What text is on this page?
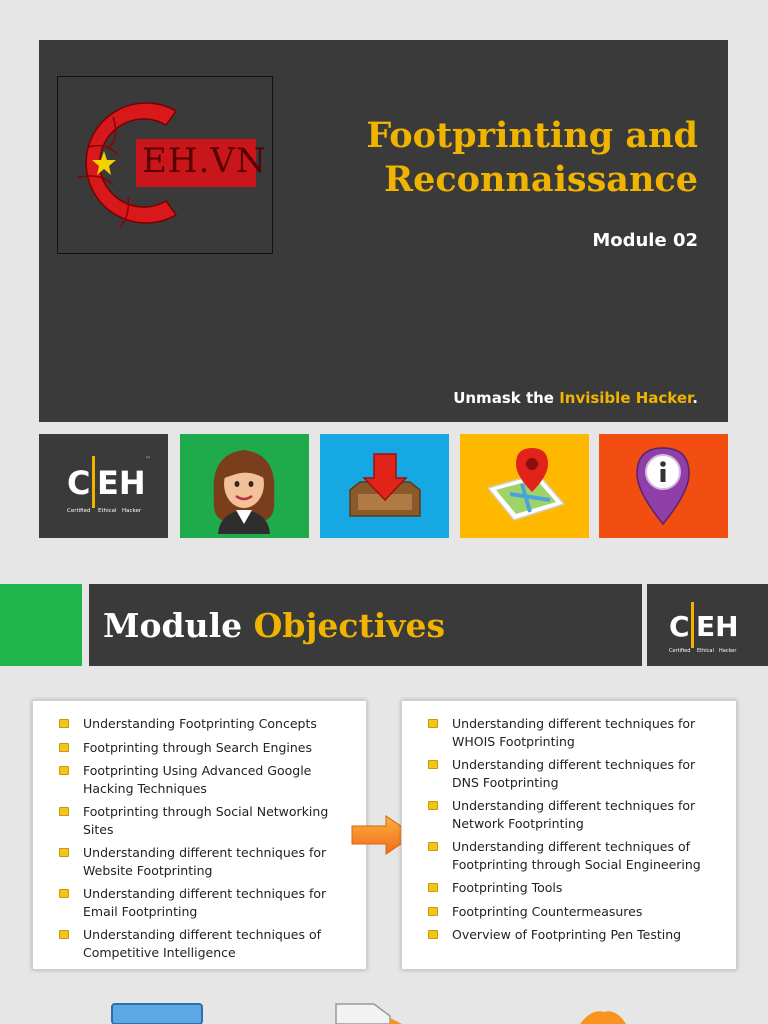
EH.VN
Footprinting and
Reconnaissance
Module 02
Unmask the Invisible Hacker.
C EH
™
Certified Ethical Hacker
Module Objectives	C EH
Certified Ethical Hacker
Understanding Footprinting Concepts
Footprinting through Search Engines
Footprinting Using Advanced Google Hacking Techniques
Footprinting through Social Networking Sites
Understanding different techniques for Website Footprinting
Understanding different techniques for Email Footprinting
Understanding different techniques of Competitive Intelligence
Understanding different techniques for WHOIS Footprinting
Understanding different techniques for DNS Footprinting
Understanding different techniques for Network Footprinting
Understanding different techniques of Footprinting through Social Engineering
Footprinting Tools
Footprinting Countermeasures
Overview of Footprinting Pen Testing
